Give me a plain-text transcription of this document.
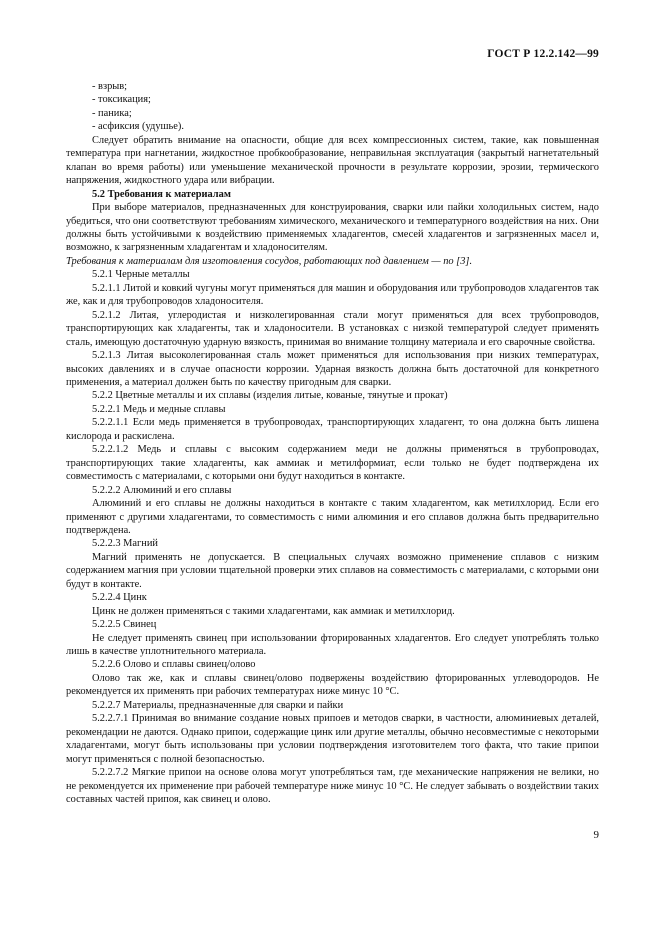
ГОСТ Р 12.2.142—99

- взрыв;

- токсикация;

- паника;

- асфиксия (удушье).

Следует обратить внимание на опасности, общие для всех компрессионных систем, такие, как повышенная температура при нагнетании, жидкостное пробкообразование, неправильная эксплуатация (закрытый нагнетательный клапан во время работы) или уменьшение механической прочности в результате коррозии, эрозии, термического напряжения, жидкостного удара или вибрации.

5.2 Требования к материалам

При выборе материалов, предназначенных для конструирования, сварки или пайки холодильных систем, надо убедиться, что они соответствуют требованиям химического, механического и температурного воздействия на них. Они должны быть устойчивыми к воздействию применяемых хладагентов, смесей хладагентов и загрязненных масел и, возможно, к загрязненным хладагентам и хладоносителям.

Требования к материалам для изготовления сосудов, работающих под давлением — по [3].

5.2.1 Черные металлы

5.2.1.1 Литой и ковкий чугуны могут применяться для машин и оборудования или трубопроводов хладагентов так же, как и для трубопроводов хладоносителя.

5.2.1.2 Литая, углеродистая и низколегированная стали могут применяться для всех трубопроводов, транспортирующих как хладагенты, так и хладоносители. В установках с низкой температурой следует применять сталь, имеющую достаточную ударную вязкость, принимая во внимание толщину материала и его сварочные свойства.

5.2.1.3 Литая высоколегированная сталь может применяться для использования при низких температурах, высоких давлениях и в случае опасности коррозии. Ударная вязкость должна быть достаточной для конкретного применения, а материал должен быть по качеству пригодным для сварки.

5.2.2 Цветные металлы и их сплавы (изделия литые, кованые, тянутые и прокат)

5.2.2.1 Медь и медные сплавы

5.2.2.1.1 Если медь применяется в трубопроводах, транспортирующих хладагент, то она должна быть лишена кислорода и раскислена.

5.2.2.1.2 Медь и сплавы с высоким содержанием меди не должны применяться в трубопроводах, транспортирующих такие хладагенты, как аммиак и метилформиат, если только не будет подтверждена их совместимость с материалами, с которыми они будут находиться в контакте.

5.2.2.2 Алюминий и его сплавы

Алюминий и его сплавы не должны находиться в контакте с таким хладагентом, как метилхлорид. Если его применяют с другими хладагентами, то совместимость с ними алюминия и его сплавов должна быть предварительно подтверждена.

5.2.2.3 Магний

Магний применять не допускается. В специальных случаях возможно применение сплавов с низким содержанием магния при условии тщательной проверки этих сплавов на совместимость с материалами, с которыми они будут в контакте.

5.2.2.4 Цинк

Цинк не должен применяться с такими хладагентами, как аммиак и метилхлорид.

5.2.2.5 Свинец

Не следует применять свинец при использовании фторированных хладагентов. Его следует употреблять только лишь в качестве уплотнительного материала.

5.2.2.6 Олово и сплавы свинец/олово

Олово так же, как и сплавы свинец/олово подвержены воздействию фторированных углеводородов. Не рекомендуется их применять при рабочих температурах ниже минус 10 °С.

5.2.2.7 Материалы, предназначенные для сварки и пайки

5.2.2.7.1 Принимая во внимание создание новых припоев и методов сварки, в частности, алюминиевых деталей, рекомендации не даются. Однако припои, содержащие цинк или другие металлы, обычно несовместимые с некоторыми хладагентами, могут быть использованы при условии подтверждения изготовителем того факта, что такие припои могут применяться с полной безопасностью.

5.2.2.7.2 Мягкие припои на основе олова могут употребляться там, где механические напряжения не велики, но не рекомендуется их применение при рабочей температуре ниже минус 10 °С. Не следует забывать о воздействии таких составных частей припоя, как свинец и олово.

9
